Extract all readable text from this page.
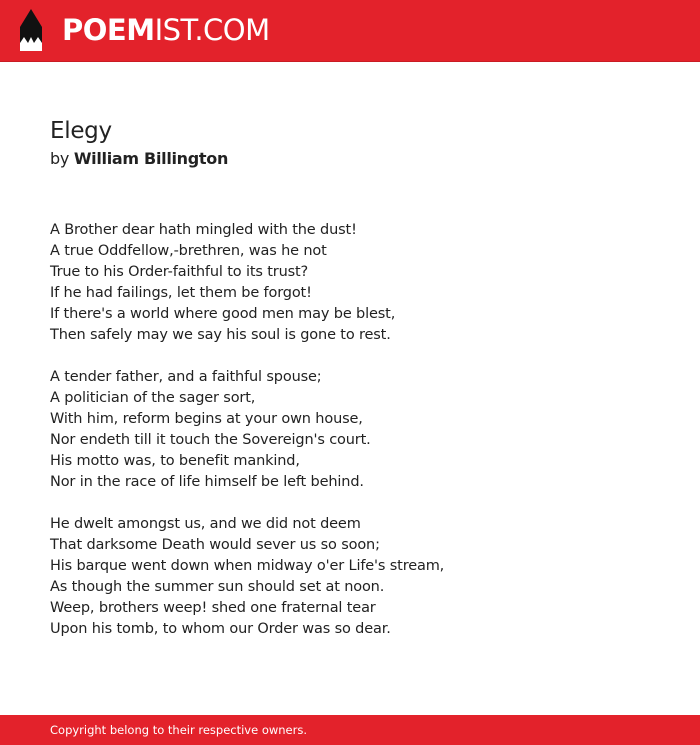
POEMIST.COM
Elegy

by William Billington

A Brother dear hath mingled with the dust!
A true Oddfellow,-brethren, was he not
True to his Order-faithful to its trust?
If he had failings, let them be forgot!
If there's a world where good men may be blest,
Then safely may we say his soul is gone to rest.

A tender father, and a faithful spouse;
A politician of the sager sort,
With him, reform begins at your own house,
Nor endeth till it touch the Sovereign's court.
His motto was, to benefit mankind,
Nor in the race of life himself be left behind.

He dwelt amongst us, and we did not deem
That darksome Death would sever us so soon;
His barque went down when midway o'er Life's stream,
As though the summer sun should set at noon.
Weep, brothers weep! shed one fraternal tear
Upon his tomb, to whom our Order was so dear.

Copyright belong to their respective owners.
